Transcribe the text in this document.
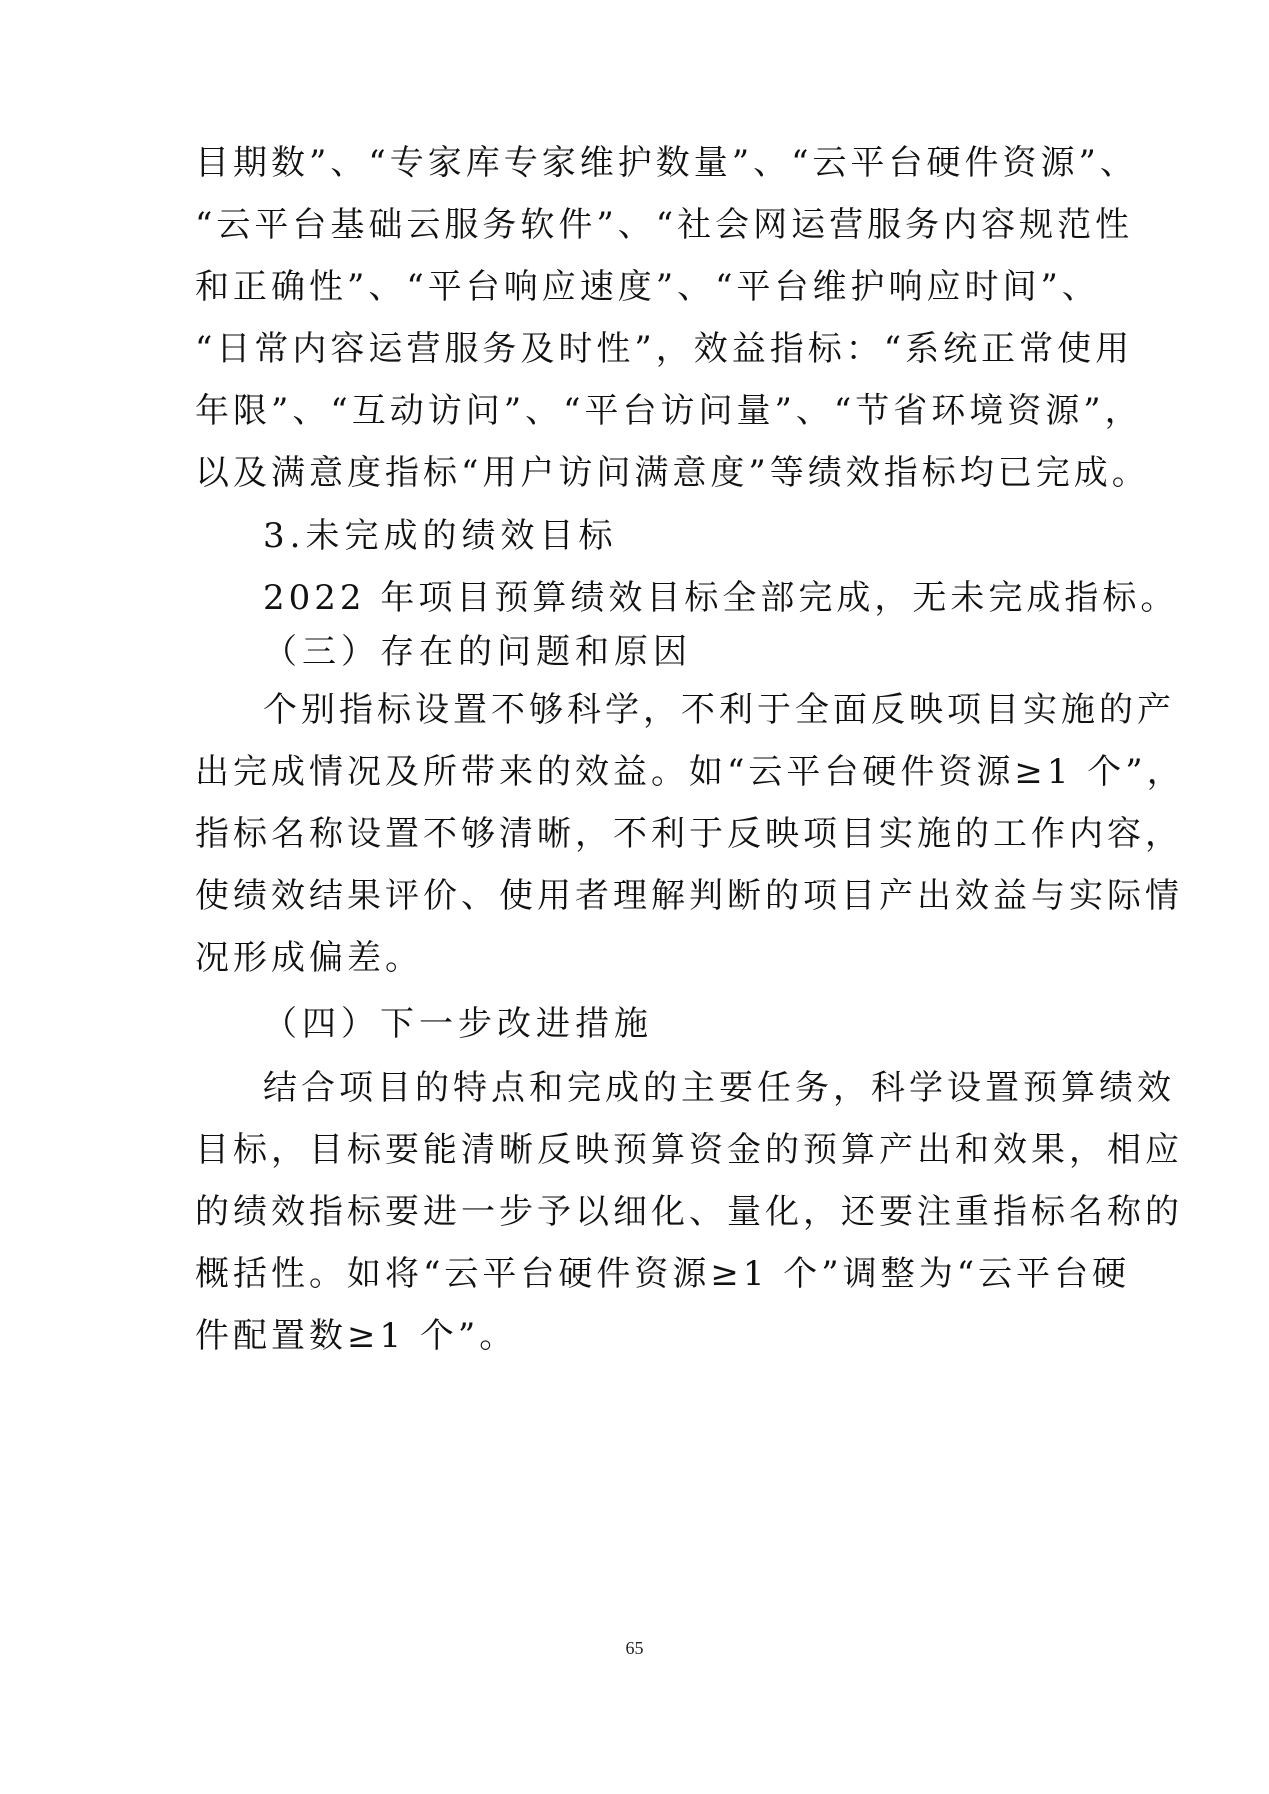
目期数”、“专家库专家维护数量”、“云平台硬件资源”、
“云平台基础云服务软件”、“社会网运营服务内容规范性
和正确性”、“平台响应速度”、“平台维护响应时间”、
“日常内容运营服务及时性”，效益指标：“系统正常使用
年限”、“互动访问”、“平台访问量”、“节省环境资源”，
以及满意度指标“用户访问满意度”等绩效指标均已完成。
3.未完成的绩效目标
2022 年项目预算绩效目标全部完成，无未完成指标。
（三）存在的问题和原因
个别指标设置不够科学，不利于全面反映项目实施的产
出完成情况及所带来的效益。如“云平台硬件资源≥1 个”，
指标名称设置不够清晰，不利于反映项目实施的工作内容，
使绩效结果评价、使用者理解判断的项目产出效益与实际情
况形成偏差。
（四）下一步改进措施
结合项目的特点和完成的主要任务，科学设置预算绩效
目标，目标要能清晰反映预算资金的预算产出和效果，相应
的绩效指标要进一步予以细化、量化，还要注重指标名称的
概括性。如将“云平台硬件资源≥1 个”调整为“云平台硬
件配置数≥1 个”。
65
